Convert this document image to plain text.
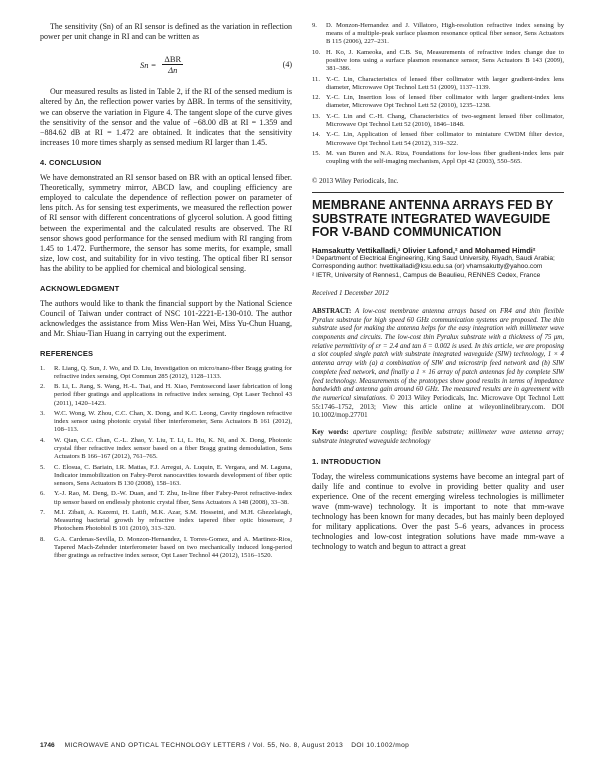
The sensitivity (Sn) of an RI sensor is defined as the variation in reflection power per unit change in RI and can be written as

$Sn = \frac{\text{ΔBR}}{\Delta n}$	(4)

Our measured results as listed in Table 2, if the RI of the sensed medium is altered by Δn, the reflection power varies by ΔBR. In terms of the sensitivity, we can observe the variation in Figure 4. The tangent slope of the curve gives the sensitivity of the sensor and the value of −68.00 dB at RI = 1.359 and −884.62 dB at RI = 1.472 are obtained. It indicates that the sensitivity increases 10 more times sharply as sensed medium RI larger than 1.45.

4. CONCLUSION

We have demonstrated an RI sensor based on BR with an optical lensed fiber. Theoretically, symmetry mirror, ABCD law, and coupling efficiency are employed to calculate the dependence of reflection power on parameter of lens pitch. As for sensing test experiments, we measured the reflection power of RI sensor with different concentrations of glycerol solution. A good fitting between the experimental and the calculated results are observed. The RI sensor shows good performance for the sensed medium with RI ranging from 1.45 to 1.472. Furthermore, the sensor has some merits, for example, small size, low cost, and suitability for in vivo testing. The optical fiber RI sensor has the ability to be applied for chemical and biological sensing.

ACKNOWLEDGMENT

The authors would like to thank the financial support by the National Science Council of Taiwan under contract of NSC 101-2221-E-130-010. The author acknowledges the assistance from Miss Wen-Han Wei, Miss Yu-Chun Huang, and Mr. Shiau-Tian Huang in carrying out the experiment.

REFERENCES
1.	R. Liang, Q. Sun, J. Wo, and D. Liu, Investigation on micro/nano-fiber Bragg grating for refractive index sensing, Opt Commun 285 (2012), 1128–1133.
2.	B. Li, L. Jiang, S. Wang, H.-L. Tsai, and H. Xiao, Femtosecond laser fabrication of long period fiber gratings and applications in refractive index sensing, Opt Laser Technol 43 (2011), 1420–1423.
3.	W.C. Wong, W. Zhou, C.C. Chan, X. Dong, and K.C. Leong, Cavity ringdown refractive index sensor using photonic crystal fiber interferometer, Sens Actuators B 161 (2012), 108–113.
4.	W. Qian, C.C. Chan, C.-L. Zhao, Y. Liu, T. Li, L. Hu, K. Ni, and X. Dong, Photonic crystal fiber refractive index sensor based on a fiber Bragg grating demodulation, Sens Actuators B 166–167 (2012), 761–765.
5.	C. Elosua, C. Bariain, I.R. Matias, F.J. Arregui, A. Luquin, E. Vergara, and M. Laguna, Indicator immobilization on Fabry-Perot nanocavities towards development of fiber optic sensors, Sens Actuators B 130 (2008), 158–163.
6.	Y.-J. Rao, M. Deng, D.-W. Duan, and T. Zhu, In-line fiber Fabry-Perot refractive-index tip sensor based on endlessly photonic crystal fiber, Sens Actuators A 148 (2008), 33–38.
7.	M.I. Zibaii, A. Kazemi, H. Latifi, M.K. Azar, S.M. Hosseini, and M.H. Ghezelaiagh, Measuring bacterial growth by refractive index tapered fiber optic biosensor, J Photochem Photobiol B 101 (2010), 313–320.
8.	G.A. Cardenas-Sevilla, D. Monzon-Hernandez, I. Torres-Gomez, and A. Martinez-Rios, Tapered Mach-Zehnder interferometer based on two mechanically induced long-period fiber gratings as refractive index sensor, Opt Laser Technol 44 (2012), 1516–1520.
9.	D. Monzon-Hernandez and J. Villatoro, High-resolution refractive index sensing by means of a multiple-peak surface plasmon resonance optical fiber sensor, Sens Actuators B 115 (2006), 227–231.
10. H. Ko, J. Kameoka, and C.B. Su, Measurements of refractive index change due to positive ions using a surface plasmon resonance sensor, Sens Actuators B 143 (2009), 381–386.
11. Y.-C. Lin, Characteristics of lensed fiber collimator with larger gradient-index lens diameter, Microwave Opt Technol Lett 51 (2009), 1137–1139.
12. Y.-C. Lin, Insertion loss of lensed fiber collimator with larger gradient-index lens diameter, Microwave Opt Technol Lett 52 (2010), 1235–1238.
13. Y.-C. Lin and C.-H. Chang, Characteristics of two-segment lensed fiber collimator, Microwave Opt Technol Lett 52 (2010), 1846–1848.
14. Y.-C. Lin, Application of lensed fiber collimator to miniature CWDM filter device, Microwave Opt Technol Lett 54 (2012), 319–322.
15. M. van Buren and N.A. Riza, Foundations for low-loss fiber gradient-index lens pair coupling with the self-imaging mechanism, Appl Opt 42 (2003), 550–565.
© 2013 Wiley Periodicals, Inc.
MEMBRANE ANTENNA ARRAYS FED BY SUBSTRATE INTEGRATED WAVEGUIDE FOR V-BAND COMMUNICATION
Hamsakutty Vettikalladi,¹ Olivier Lafond,² and Mohamed Himdi²
¹ Department of Electrical Engineering, King Saud University, Riyadh, Saudi Arabia; Corresponding author: hvettikalladi@ksu.edu.sa (or) vhamsakutty@yahoo.com
² IETR, University of Rennes1, Campus de Beaulieu, RENNES Cedex, France
Received 1 December 2012

ABSTRACT: A low-cost membrane antenna arrays based on FR4 and thin flexible Pyralux substrate for high speed 60 GHz communication systems are proposed. The thin substrate used for making the antenna helps for the easy integration with millimeter wave components and circuits. The low-cost thin Pyralux substrate with a thickness of 75 μm, relative permittivity of εr = 2.4 and tan δ = 0.002 is used. In this article, we are proposing a slot coupled single patch with substrate integrated waveguide (SIW) technology, 1 × 4 antenna array with (a) a combination of SIW and microstrip feed network and (b) SIW complete feed network, and finally a 1 × 16 array of patch antennas fed by complete SIW feed technology. Measurements of the prototypes show good results in terms of impedance bandwidth and antenna gain around 60 GHz. The measured results are in agreement with the numerical simulations. © 2013 Wiley Periodicals, Inc. Microwave Opt Technol Lett 55:1746–1752, 2013; View this article online at wileyonlinelibrary.com. DOI 10.1002/mop.27701

Key words: aperture coupling; flexible substrate; millimeter wave antenna array; substrate integrated waveguide technology

1. INTRODUCTION

Today, the wireless communications systems have become an integral part of daily life and continue to evolve in providing better quality and user experience. One of the recent emerging wireless technologies is millimeter wave (mm-wave) technology. It is important to note that mm-wave technology has been known for many decades, but has mainly been deployed for military applications. Over the past 5–6 years, advances in process technologies and low-cost integration solutions have made mm-wave a technology to watch and begun to attract a great

1746 MICROWAVE AND OPTICAL TECHNOLOGY LETTERS / Vol. 55, No. 8, August 2013 DOI 10.1002/mop
